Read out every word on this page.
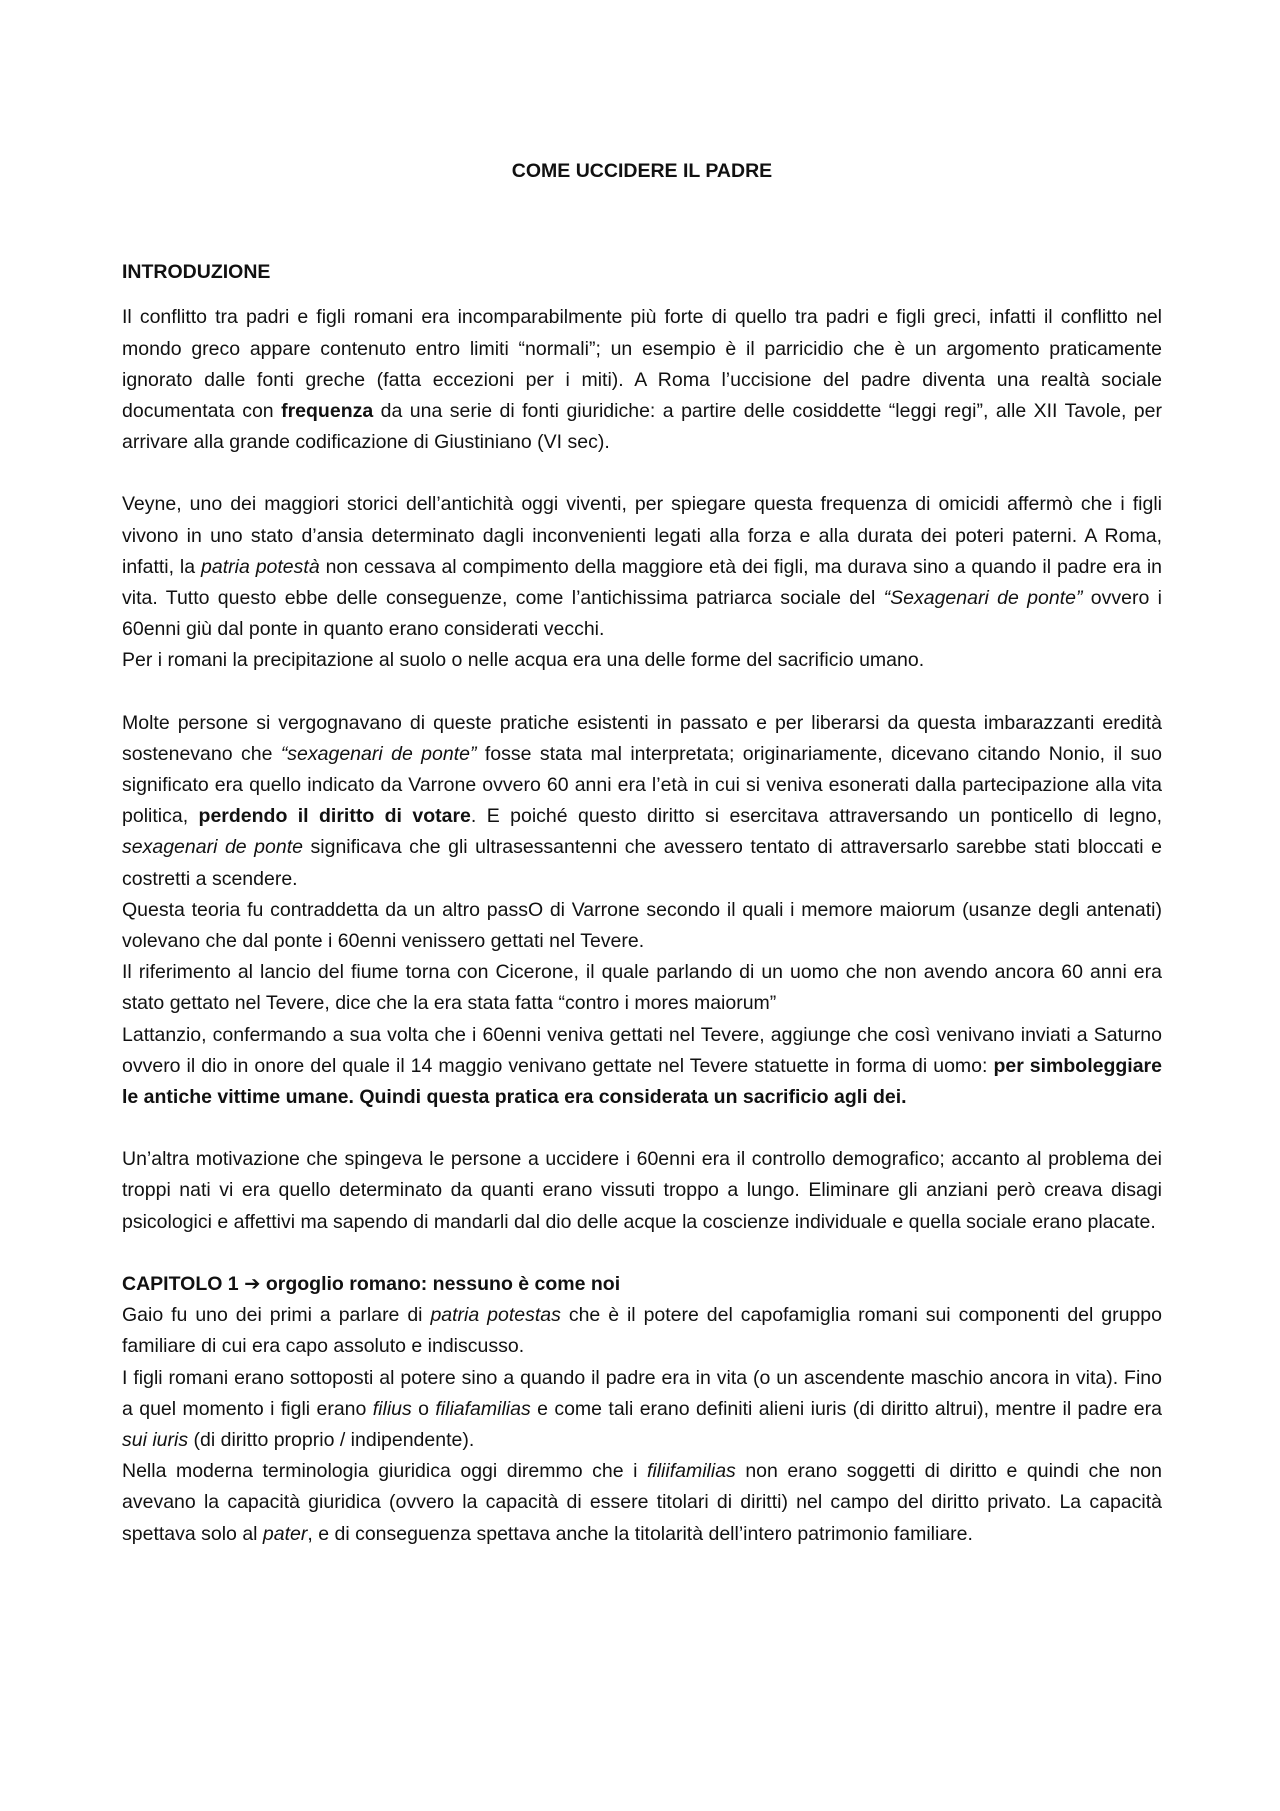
COME UCCIDERE IL PADRE
INTRODUZIONE

Il conflitto tra padri e figli romani era incomparabilmente più forte di quello tra padri e figli greci, infatti il conflitto nel mondo greco appare contenuto entro limiti “normali”; un esempio è il parricidio che è un argomento praticamente ignorato dalle fonti greche (fatta eccezioni per i miti). A Roma l’uccisione del padre diventa una realtà sociale documentata con frequenza da una serie di fonti giuridiche: a partire delle cosiddette “leggi regi”, alle XII Tavole, per arrivare alla grande codificazione di Giustiniano (VI sec).

Veyne, uno dei maggiori storici dell’antichità oggi viventi, per spiegare questa frequenza di omicidi affermò che i figli vivono in uno stato d’ansia determinato dagli inconvenienti legati alla forza e alla durata dei poteri paterni. A Roma, infatti, la patria potestà non cessava al compimento della maggiore età dei figli, ma durava sino a quando il padre era in vita. Tutto questo ebbe delle conseguenze, come l’antichissima patriarca sociale del “Sexagenari de ponte” ovvero i 60enni giù dal ponte in quanto erano considerati vecchi.

Per i romani la precipitazione al suolo o nelle acqua era una delle forme del sacrificio umano.

Molte persone si vergognavano di queste pratiche esistenti in passato e per liberarsi da questa imbarazzanti eredità sostenevano che “sexagenari de ponte” fosse stata mal interpretata; originariamente, dicevano citando Nonio, il suo significato era quello indicato da Varrone ovvero 60 anni era l’età in cui si veniva esonerati dalla partecipazione alla vita politica, perdendo il diritto di votare. E poiché questo diritto si esercitava attraversando un ponticello di legno, sexagenari de ponte significava che gli ultrasessantenni che avessero tentato di attraversarlo sarebbe stati bloccati e costretti a scendere.

Questa teoria fu contraddetta da un altro passO di Varrone secondo il quali i memore maiorum (usanze degli antenati) volevano che dal ponte i 60enni venissero gettati nel Tevere.

Il riferimento al lancio del fiume torna con Cicerone, il quale parlando di un uomo che non avendo ancora 60 anni era stato gettato nel Tevere, dice che la era stata fatta “contro i mores maiorum”

Lattanzio, confermando a sua volta che i 60enni veniva gettati nel Tevere, aggiunge che così venivano inviati a Saturno ovvero il dio in onore del quale il 14 maggio venivano gettate nel Tevere statuette in forma di uomo: per simboleggiare le antiche vittime umane. Quindi questa pratica era considerata un sacrificio agli dei.

Un’altra motivazione che spingeva le persone a uccidere i 60enni era il controllo demografico; accanto al problema dei troppi nati vi era quello determinato da quanti erano vissuti troppo a lungo. Eliminare gli anziani però creava disagi psicologici e affettivi ma sapendo di mandarli dal dio delle acque la coscienze individuale e quella sociale erano placate.

CAPITOLO 1 ➔ orgoglio romano: nessuno è come noi

Gaio fu uno dei primi a parlare di patria potestas che è il potere del capofamiglia romani sui componenti del gruppo familiare di cui era capo assoluto e indiscusso.

I figli romani erano sottoposti al potere sino a quando il padre era in vita (o un ascendente maschio ancora in vita). Fino a quel momento i figli erano filius o filiafamilias e come tali erano definiti alieni iuris (di diritto altrui), mentre il padre era sui iuris (di diritto proprio / indipendente).

Nella moderna terminologia giuridica oggi diremmo che i filiifamilias non erano soggetti di diritto e quindi che non avevano la capacità giuridica (ovvero la capacità di essere titolari di diritti) nel campo del diritto privato. La capacità spettava solo al pater, e di conseguenza spettava anche la titolarità dell’intero patrimonio familiare.
